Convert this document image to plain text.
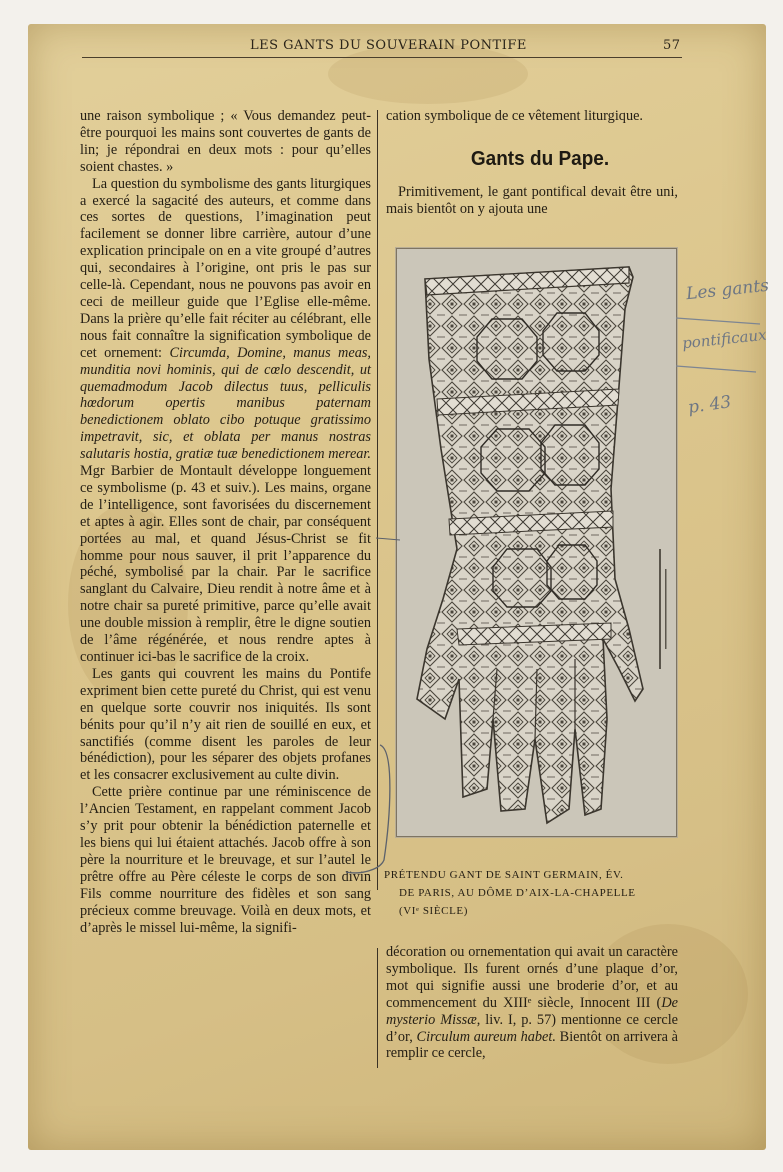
LES GANTS DU SOUVERAIN PONTIFE	57

une raison symbolique ; « Vous demandez peut-être pourquoi les mains sont couvertes de gants de lin; je répondrai en deux mots : pour qu’elles soient chastes. »

La question du symbolisme des gants liturgiques a exercé la sagacité des auteurs, et comme dans ces sortes de questions, l’imagination peut facilement se donner libre carrière, autour d’une explication principale on en a vite groupé d’autres qui, secondaires à l’origine, ont pris le pas sur celle-là. Cependant, nous ne pouvons pas avoir en ceci de meilleur guide que l’Eglise elle-même. Dans la prière qu’elle fait réciter au célébrant, elle nous fait connaître la signification symbolique de cet ornement: Circumda, Domine, manus meas, munditia novi hominis, qui de cœlo descendit, ut quemadmodum Jacob dilectus tuus, pelliculis hœdorum opertis manibus paternam benedictionem oblato cibo potuque gratissimo impetravit, sic, et oblata per manus nostras salutaris hostia, gratiæ tuæ benedictionem merear. Mgr Barbier de Montault développe longuement ce symbolisme (p. 43 et suiv.). Les mains, organe de l’intelligence, sont favorisées du discernement et aptes à agir. Elles sont de chair, par conséquent portées au mal, et quand Jésus-Christ se fit homme pour nous sauver, il prit l’apparence du péché, symbolisé par la chair. Par le sacrifice sanglant du Calvaire, Dieu rendit à notre âme et à notre chair sa pureté primitive, parce qu’elle avait une double mission à remplir, être le digne soutien de l’âme régénérée, et nous rendre aptes à continuer ici-bas le sacrifice de la croix.

Les gants qui couvrent les mains du Pontife expriment bien cette pureté du Christ, qui est venu en quelque sorte couvrir nos iniquités. Ils sont bénits pour qu’il n’y ait rien de souillé en eux, et sanctifiés (comme disent les paroles de leur bénédiction), pour les séparer des objets profanes et les consacrer exclusivement au culte divin.

Cette prière continue par une réminiscence de l’Ancien Testament, en rappelant comment Jacob s’y prit pour obtenir la bénédiction paternelle et les biens qui lui étaient attachés. Jacob offre à son père la nourriture et le breuvage, et sur l’autel le prêtre offre au Père céleste le corps de son divin Fils comme nourriture des fidèles et son sang précieux comme breuvage. Voilà en deux mots, et d’après le missel lui-même, la signifi-

cation symbolique de ce vêtement liturgique.

Gants du Pape.

Primitivement, le gant pontifical devait être uni, mais bientôt on y ajouta une

PRÉTENDU GANT DE SAINT GERMAIN, ÉV.
DE PARIS, AU DÔME D’AIX-LA-CHAPELLE
(VIᵉ SIÈCLE)

décoration ou ornementation qui avait un caractère symbolique. Ils furent ornés d’une plaque d’or, mot qui signifie aussi une broderie d’or, et au commencement du XIIIᵉ siècle, Innocent III (De mysterio Missæ, liv. I, p. 57) mentionne ce cercle d’or, Circulum aureum habet. Bientôt on arrivera à remplir ce cercle,

Les gants
pontificaux
p. 43
